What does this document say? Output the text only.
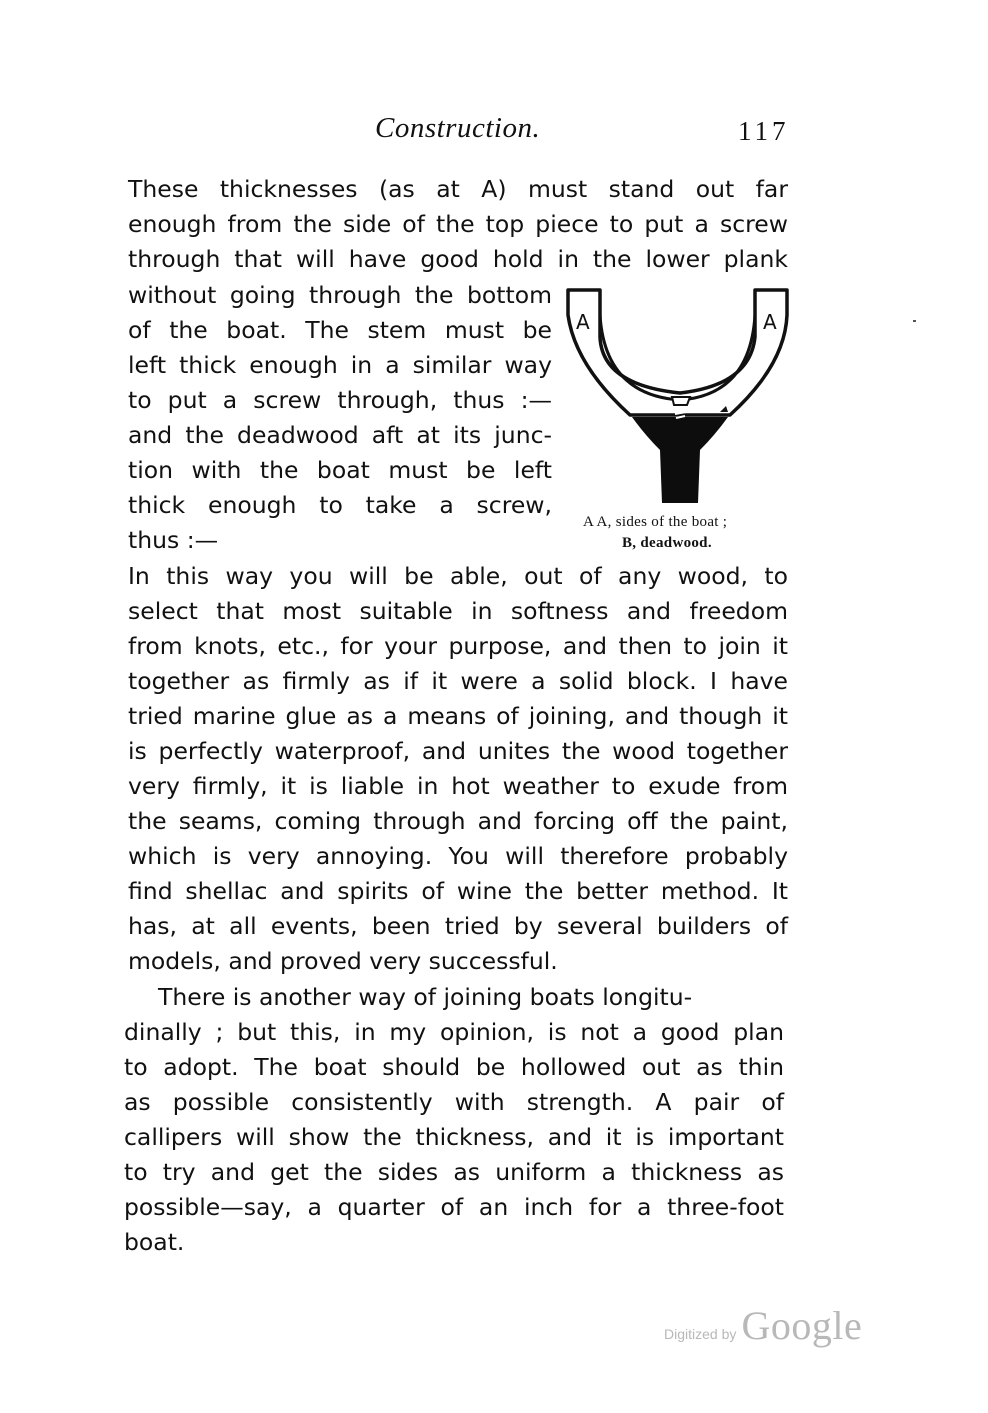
Construction.	117
These thicknesses (as at A) must stand out far
enough from the side of the top piece to put a screw
through that will have good hold in the lower plank
without going through the bottom
of the boat. The stem must be
left thick enough in a similar way
to put a screw through, thus :—
and the deadwood aft at its junc-
tion with the boat must be left
thick enough to take a screw,
thus :—
In this way you will be able, out of any wood, to
select that most suitable in softness and freedom
from knots, etc., for your purpose, and then to join it
together as firmly as if it were a solid block. I have
tried marine glue as a means of joining, and though it
is perfectly waterproof, and unites the wood together
very firmly, it is liable in hot weather to exude from
the seams, coming through and forcing off the paint,
which is very annoying. You will therefore probably
find shellac and spirits of wine the better method. It
has, at all events, been tried by several builders of
models, and proved very successful.
There is another way of joining boats longitu-
dinally ; but this, in my opinion, is not a good plan
to adopt. The boat should be hollowed out as thin
as possible consistently with strength. A pair of
callipers will show the thickness, and it is important
to try and get the sides as uniform a thickness as
possible—say, a quarter of an inch for a three-foot
boat.
A	A
A A, sides of the boat ;
B, deadwood.
Digitized by Google
